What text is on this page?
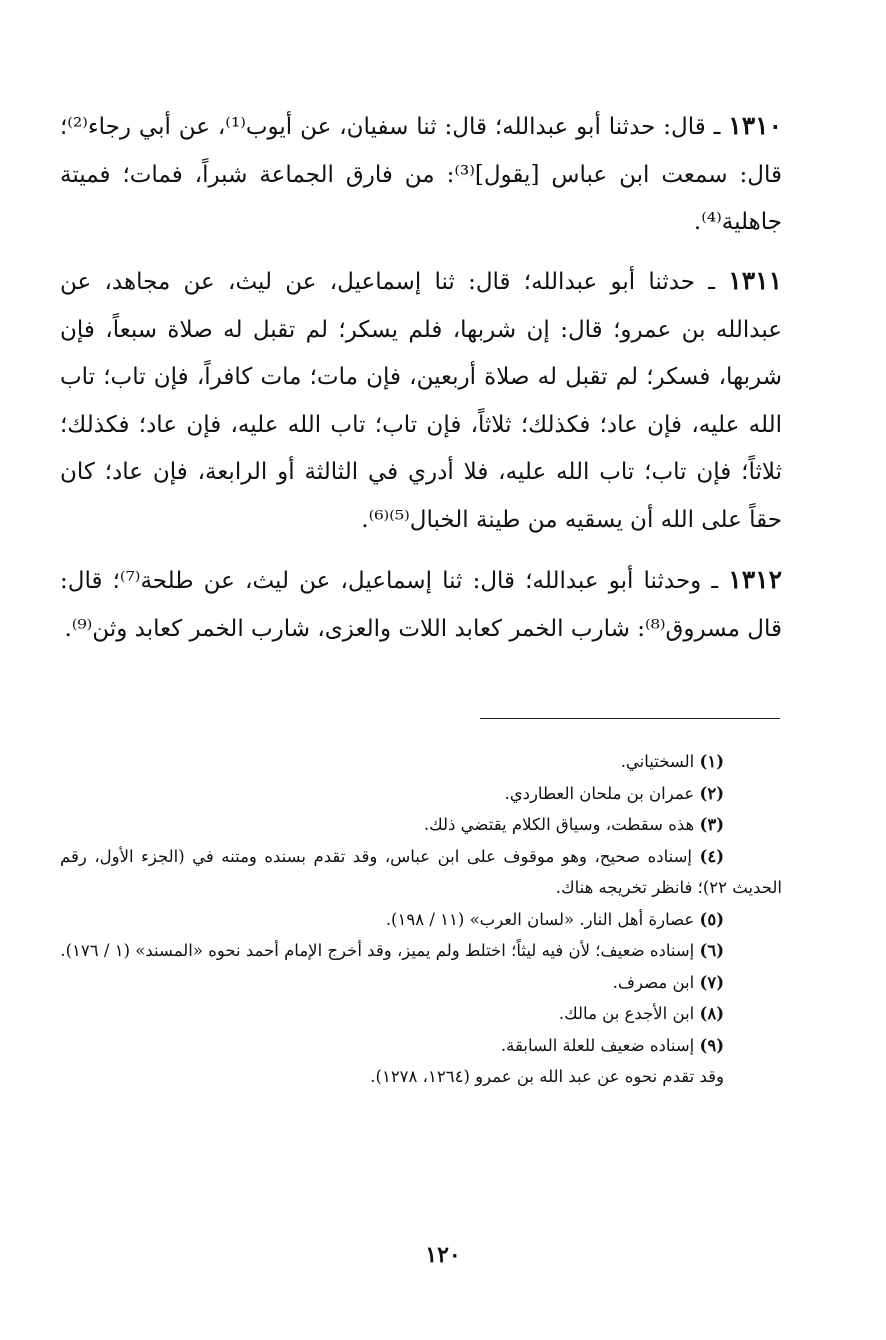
١٣١٠ ـ قال: حدثنا أبو عبدالله؛ قال: ثنا سفيان، عن أيوب⁽¹⁾، عن أبي رجاء⁽²⁾؛ قال: سمعت ابن عباس [يقول]⁽³⁾: من فارق الجماعة شبراً، فمات؛ فميتة جاهلية⁽⁴⁾.

١٣١١ ـ حدثنا أبو عبدالله؛ قال: ثنا إسماعيل، عن ليث، عن مجاهد، عن عبدالله بن عمرو؛ قال: إن شربها، فلم يسكر؛ لم تقبل له صلاة سبعاً، فإن شربها، فسكر؛ لم تقبل له صلاة أربعين، فإن مات؛ مات كافراً، فإن تاب؛ تاب الله عليه، فإن عاد؛ فكذلك؛ ثلاثاً، فإن تاب؛ تاب الله عليه، فإن عاد؛ فكذلك؛ ثلاثاً؛ فإن تاب؛ تاب الله عليه، فلا أدري في الثالثة أو الرابعة، فإن عاد؛ كان حقاً على الله أن يسقيه من طينة الخبال⁽⁵⁾⁽⁶⁾.

١٣١٢ ـ وحدثنا أبو عبدالله؛ قال: ثنا إسماعيل، عن ليث، عن طلحة⁽⁷⁾؛ قال: قال مسروق⁽⁸⁾: شارب الخمر كعابد اللات والعزى، شارب الخمر كعابد وثن⁽⁹⁾.

(١) السختياني.
(٢) عمران بن ملحان العطاردي.
(٣) هذه سقطت، وسياق الكلام يقتضي ذلك.
(٤) إسناده صحيح، وهو موقوف على ابن عباس، وقد تقدم بسنده ومتنه في (الجزء الأول، رقم الحديث ٢٢)؛ فانظر تخريجه هناك.
(٥) عصارة أهل النار. «لسان العرب» (١١ / ١٩٨).
(٦) إسناده ضعيف؛ لأن فيه ليثاً؛ اختلط ولم يميز، وقد أخرج الإمام أحمد نحوه «المسند» (١ / ١٧٦).
(٧) ابن مصرف.
(٨) ابن الأجدع بن مالك.
(٩) إسناده ضعيف للعلة السابقة.
وقد تقدم نحوه عن عبد الله بن عمرو (١٢٦٤، ١٢٧٨).
١٢٠
